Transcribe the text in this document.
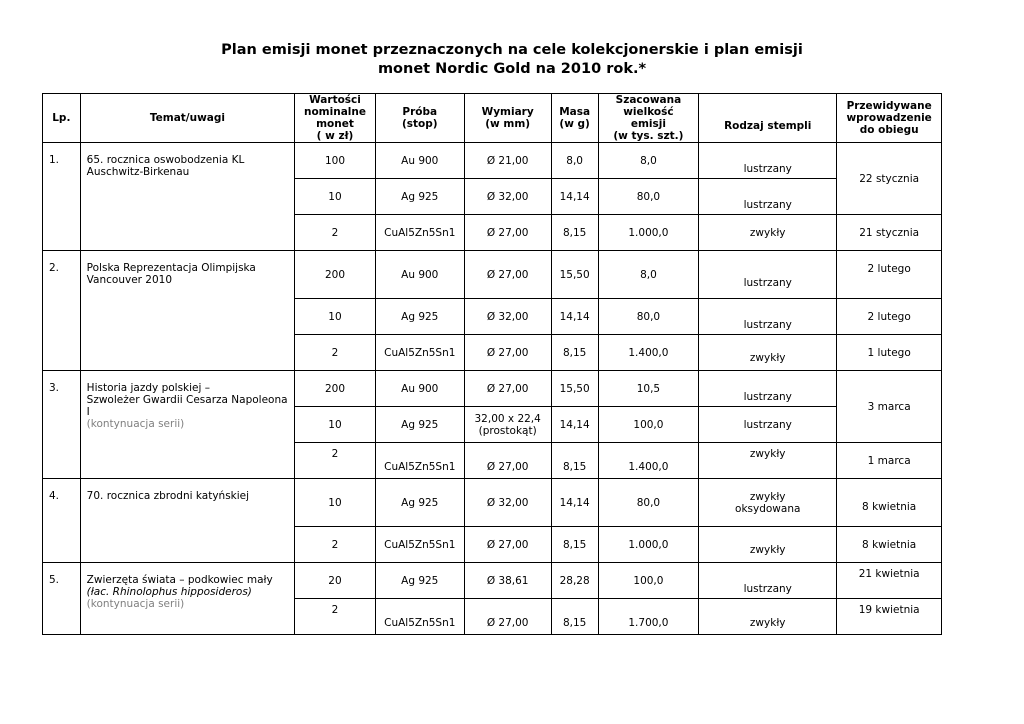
Plan emisji monet przeznaczonych na cele kolekcjonerskie i plan emisji
monet Nordic Gold na 2010 rok.*
Lp.	Temat/uwagi	Wartości
nominalne
monet
( w zł)	Próba
(stop)	Wymiary
(w mm)	Masa
(w g)	Szacowana
wielkość
emisji
(w tys. szt.)	Rodzaj stempli	Przewidywane
wprowadzenie
do obiegu
1.	65. rocznica oswobodzenia KL
Auschwitz-Birkenau	100	Au 900	Ø 21,00	8,0	8,0	lustrzany	22 stycznia
		10	Ag 925	Ø 32,00	14,14	80,0	lustrzany	

		2	CuAl5Zn5Sn1	Ø 27,00	8,15	1.000,0	zwykły	21 stycznia
2.	Polska Reprezentacja Olimpijska
Vancouver 2010	200	Au 900	Ø 27,00	15,50	8,0	lustrzany	2 lutego
		10	Ag 925	Ø 32,00	14,14	80,0	lustrzany	2 lutego
		2	CuAl5Zn5Sn1	Ø 27,00	8,15	1.400,0	zwykły	1 lutego
3.	Historia jazdy polskiej –
Szwoleżer Gwardii Cesarza Napoleona
I
(kontynuacja serii)	200	Au 900	Ø 27,00	15,50	10,5	lustrzany	3 marca
		10	Ag 925	32,00 x 22,4
(prostokąt)	14,14	100,0	lustrzany	

		2	CuAl5Zn5Sn1	Ø 27,00	8,15	1.400,0	zwykły	1 marca
4.	70. rocznica zbrodni katyńskiej	10	Ag 925	Ø 32,00	14,14	80,0	zwykły
oksydowana	8 kwietnia

		2	CuAl5Zn5Sn1	Ø 27,00	8,15	1.000,0	zwykły	8 kwietnia
5.	Zwierzęta świata – podkowiec mały
(łac. Rhinolophus hipposideros)
(kontynuacja serii)	20	Ag 925	Ø 38,61	28,28	100,0	lustrzany	21 kwietnia

		2	CuAl5Zn5Sn1	Ø 27,00	8,15	1.700,0	zwykły	19 kwietnia
